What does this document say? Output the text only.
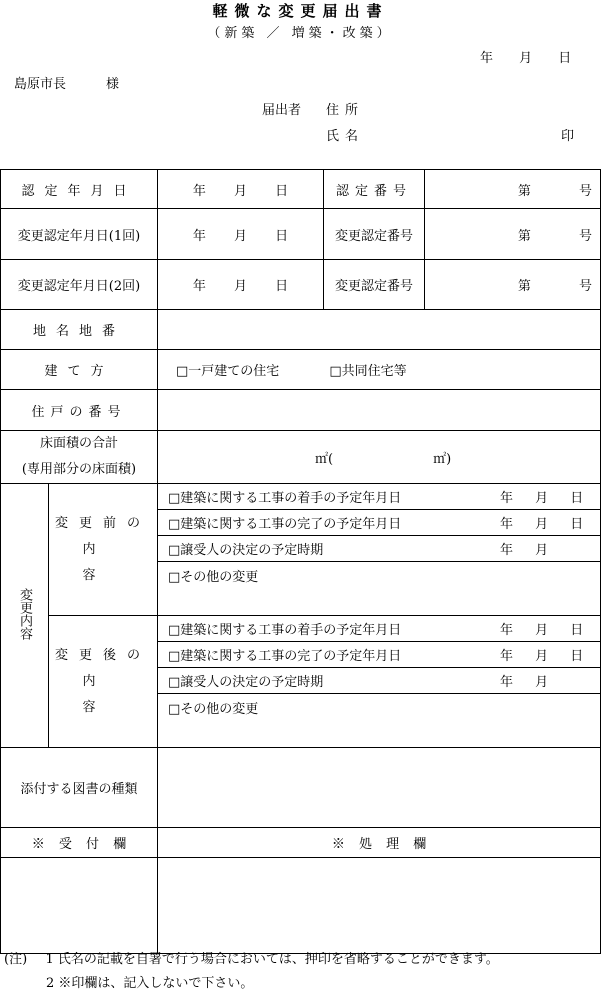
軽微な変更届出書
（新築 ／ 増築・改築）
年 月 日
島原市長	様
届出者 住所
氏名	印
認定年月日	年 月 日	認定番号	第 号
変更認定年月日(1回)	年 月 日	変更認定番号	第 号
変更認定年月日(2回)	年 月 日	変更認定番号	第 号
地名地番	
建て方	□一戸建ての住宅	□共同住宅等
住戸の番号	

床面積の合計
(専用部分の床面積)
	㎡(	㎡)
変更内容	
変更前の
内容

□建築に関する工事の着手の予定年月日	年 月 日
□建築に関する工事の完了の予定年月日	年 月 日
□譲受人の決定の予定時期	年 月
□その他の変更	

変更後の
内容

□建築に関する工事の着手の予定年月日	年 月 日
□建築に関する工事の完了の予定年月日	年 月 日
□譲受人の決定の予定時期	年 月
□その他の変更	

添付する図書の種類	
※ 受 付 欄	※ 処 理 欄

(注) 1 氏名の記載を自署で行う場合においては、押印を省略することができます。
2 ※印欄は、記入しないで下さい。
